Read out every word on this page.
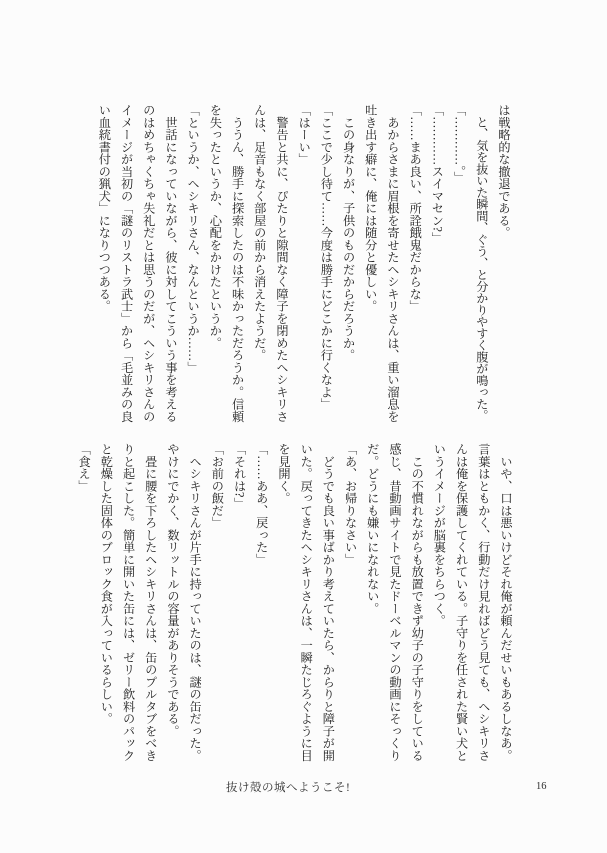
は戦略的な撤退である。

　と、気を抜いた瞬間、ぐう、と分かりやすく腹が鳴った。

「…………。」

「…………スイマセン?」

「……まあ良い、所詮餓鬼だからな」

　あからさまに眉根を寄せたヘシキリさんは、重い溜息を

吐き出す癖に、俺には随分と優しい。

　この身なりが、子供のものだからだろうか。

「ここで少し待て……今度は勝手にどこかに行くなよ」

「はーい」

　警告と共に、ぴたりと隙間なく障子を閉めたヘシキリさ

んは、足音もなく部屋の前から消えたようだ。

　ううん、勝手に探索したのは不味かっただろうか。信頼

を失ったというか、心配をかけたというか。

「というか、ヘシキリさん、なんというか……」

　世話になっていながら、彼に対してこういう事を考える

のはめちゃくちゃ失礼だとは思うのだが、ヘシキリさんの

イメージが当初の「謎のリストラ武士」から「毛並みの良

い血統書付の猟犬」になりつつある。

　いや、口は悪いけどそれ俺が頼んだせいもあるしなあ。

言葉はともかく、行動だけ見ればどう見ても、ヘシキリさ

んは俺を保護してくれている。子守りを任された賢い犬と

いうイメージが脳裏をちらつく。

　この不慣れながらも放置できず幼子の子守りをしている

感じ、昔動画サイトで見たドーベルマンの動画にそっくり

だ。どうにも嫌いになれない。

「あ、お帰りなさい」

　どうでも良い事ばかり考えていたら、からりと障子が開

いた。戻ってきたヘシキリさんは、一瞬たじろぐように目

を見開く。

「……ああ、戻った」

「それは?」

「お前の飯だ」

　ヘシキリさんが片手に持っていたのは、謎の缶だった。

やけにでかく、数リットルの容量がありそうである。

　畳に腰を下ろしたヘシキリさんは、缶のプルタブをべき

りと起こした。簡単に開いた缶には、ゼリー飲料のパック

と乾燥した固体のブロック食が入っているらしい。

「食え」

抜け殻の城へようこそ!	16
